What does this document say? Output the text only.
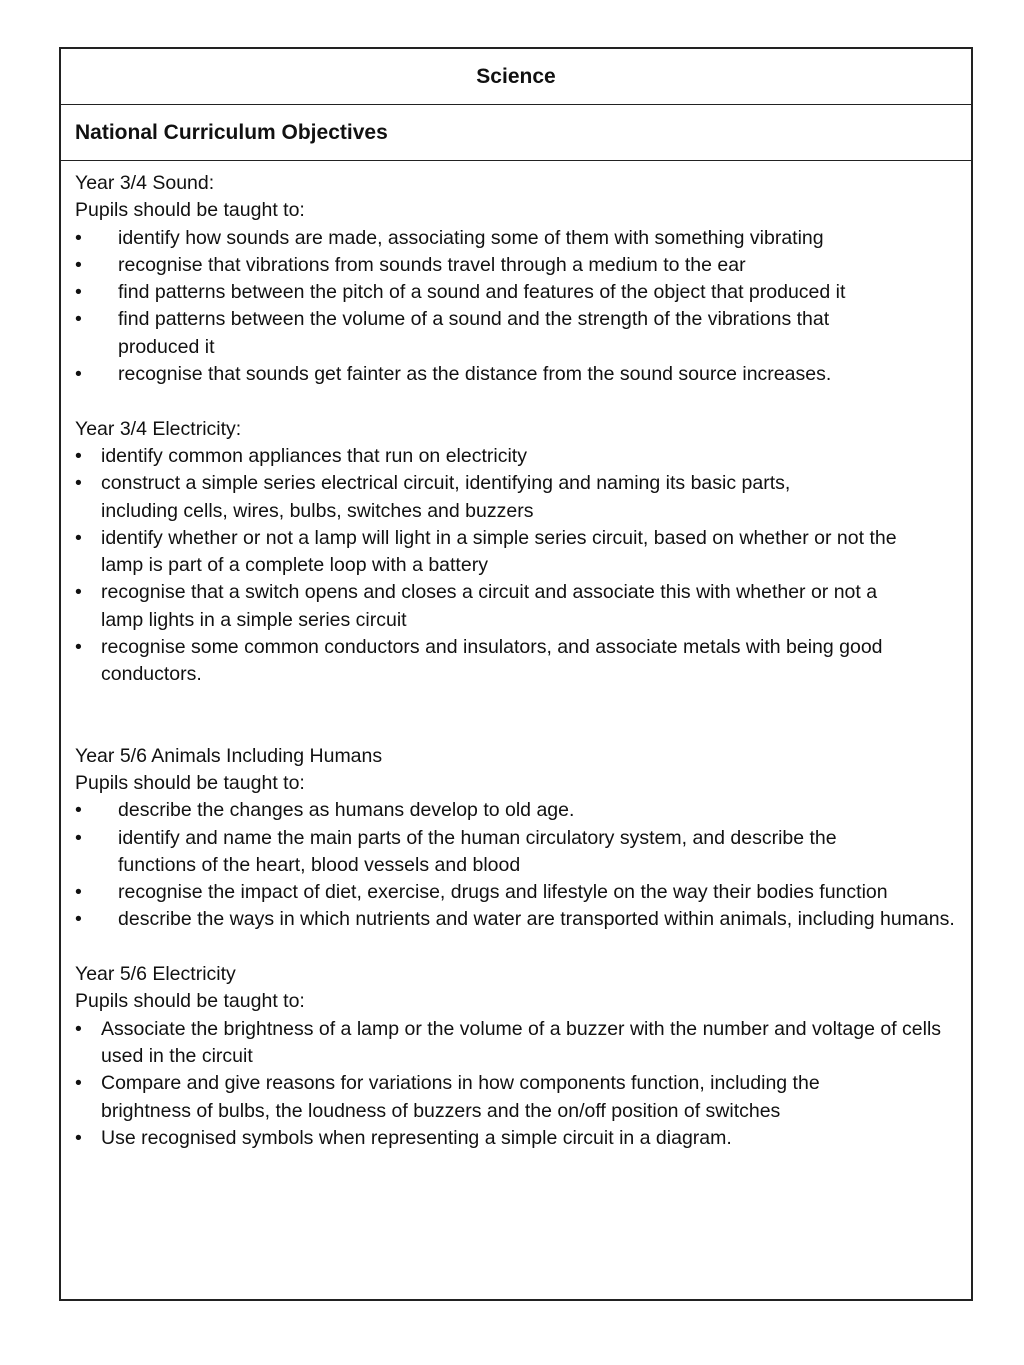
Science
National Curriculum Objectives
Year 3/4 Sound:
Pupils should be taught to:
•	identify how sounds are made, associating some of them with something vibrating
•	recognise that vibrations from sounds travel through a medium to the ear
•	find patterns between the pitch of a sound and features of the object that produced it
•	find patterns between the volume of a sound and the strength of the vibrations that produced it
•	recognise that sounds get fainter as the distance from the sound source increases.
Year 3/4 Electricity:
• identify common appliances that run on electricity
• construct a simple series electrical circuit, identifying and naming its basic parts, including cells, wires, bulbs, switches and buzzers
• identify whether or not a lamp will light in a simple series circuit, based on whether or not the lamp is part of a complete loop with a battery
• recognise that a switch opens and closes a circuit and associate this with whether or not a lamp lights in a simple series circuit
• recognise some common conductors and insulators, and associate metals with being good conductors.
Year 5/6 Animals Including Humans
Pupils should be taught to:
•	describe the changes as humans develop to old age.
•	identify and name the main parts of the human circulatory system, and describe the functions of the heart, blood vessels and blood
•	recognise the impact of diet, exercise, drugs and lifestyle on the way their bodies function
•	describe the ways in which nutrients and water are transported within animals, including humans.
Year 5/6 Electricity
Pupils should be taught to:
• Associate the brightness of a lamp or the volume of a buzzer with the number and voltage of cells used in the circuit
• Compare and give reasons for variations in how components function, including the brightness of bulbs, the loudness of buzzers and the on/off position of switches
• Use recognised symbols when representing a simple circuit in a diagram.
